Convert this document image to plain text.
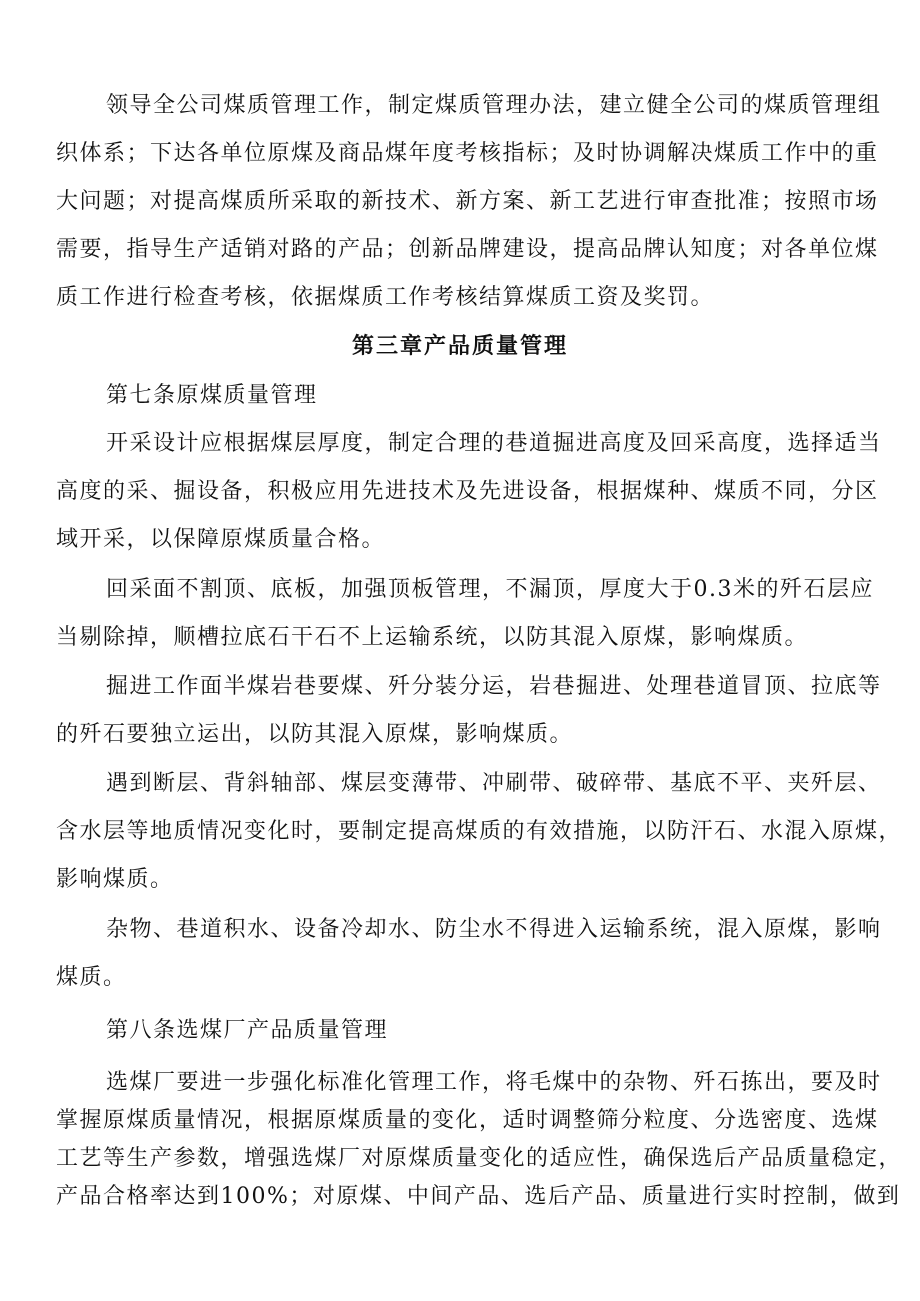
领导全公司煤质管理工作，制定煤质管理办法，建立健全公司的煤质管理组
织体系；下达各单位原煤及商品煤年度考核指标；及时协调解决煤质工作中的重
大问题；对提高煤质所采取的新技术、新方案、新工艺进行审查批准；按照市场
需要，指导生产适销对路的产品；创新品牌建设，提高品牌认知度；对各单位煤
质工作进行检查考核，依据煤质工作考核结算煤质工资及奖罚。
第三章产品质量管理
第七条原煤质量管理
开采设计应根据煤层厚度，制定合理的巷道掘进高度及回采高度，选择适当
高度的采、掘设备，积极应用先进技术及先进设备，根据煤种、煤质不同，分区
域开采，以保障原煤质量合格。
回采面不割顶、底板，加强顶板管理，不漏顶，厚度大于0.3米的歼石层应
当剔除掉，顺槽拉底石干石不上运输系统，以防其混入原煤，影响煤质。
掘进工作面半煤岩巷要煤、歼分装分运，岩巷掘进、处理巷道冒顶、拉底等
的歼石要独立运出，以防其混入原煤，影响煤质。
遇到断层、背斜轴部、煤层变薄带、冲刷带、破碎带、基底不平、夹歼层、
含水层等地质情况变化时，要制定提高煤质的有效措施，以防汗石、水混入原煤，
影响煤质。
杂物、巷道积水、设备冷却水、防尘水不得进入运输系统，混入原煤，影响
煤质。
第八条选煤厂产品质量管理
选煤厂要进一步强化标准化管理工作，将毛煤中的杂物、歼石拣出，要及时
掌握原煤质量情况，根据原煤质量的变化，适时调整筛分粒度、分选密度、选煤
工艺等生产参数，增强选煤厂对原煤质量变化的适应性，确保选后产品质量稳定，
产品合格率达到100%；对原煤、中间产品、选后产品、质量进行实时控制，做到
